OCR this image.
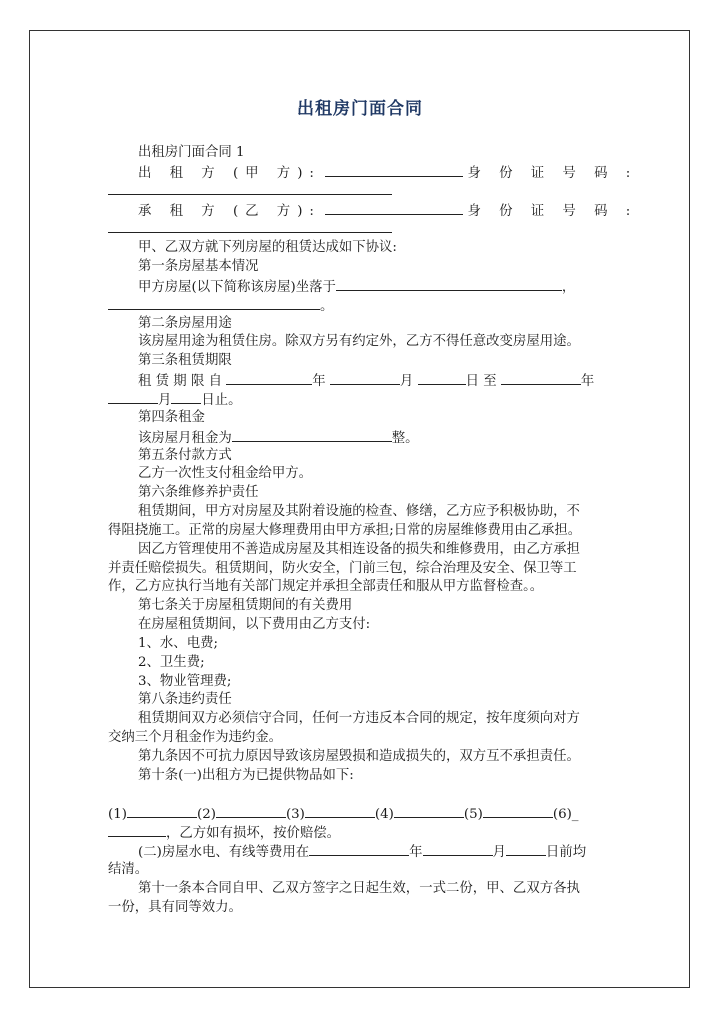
出租房门面合同
出租房门面合同 1
出 租 方 (甲 方):	身 份 证 号 码 :
承 租 方 (乙 方):	身 份 证 号 码 :
甲、乙双方就下列房屋的租赁达成如下协议:
第一条房屋基本情况
甲方房屋(以下简称该房屋)坐落于	，
。
第二条房屋用途
该房屋用途为租赁住房。除双方另有约定外，乙方不得任意改变房屋用途。
第三条租赁期限
租 赁 期 限 自	年	月	日 至	年
月 日止。
第四条租金
该房屋月租金为	整。
第五条付款方式
乙方一次性支付租金给甲方。
第六条维修养护责任
租赁期间，甲方对房屋及其附着设施的检查、修缮，乙方应予积极协助，不
得阻挠施工。正常的房屋大修理费用由甲方承担;日常的房屋维修费用由乙承担。
因乙方管理使用不善造成房屋及其相连设备的损失和维修费用，由乙方承担
并责任赔偿损失。租赁期间，防火安全，门前三包，综合治理及安全、保卫等工
作，乙方应执行当地有关部门规定并承担全部责任和服从甲方监督检查。。
第七条关于房屋租赁期间的有关费用
在房屋租赁期间，以下费用由乙方支付:
1、水、电费;
2、卫生费;
3、物业管理费;
第八条违约责任
租赁期间双方必须信守合同，任何一方违反本合同的规定，按年度须向对方
交纳三个月租金作为违约金。
第九条因不可抗力原因导致该房屋毁损和造成损失的，双方互不承担责任。
第十条(一)出租方为已提供物品如下:
(1)	(2)	(3)	(4)	(5)	(6)_
，乙方如有损坏，按价赔偿。
(二)房屋水电、有线等费用在	年	月	日前均
结清。
第十一条本合同自甲、乙双方签字之日起生效，一式二份，甲、乙双方各执
一份，具有同等效力。
